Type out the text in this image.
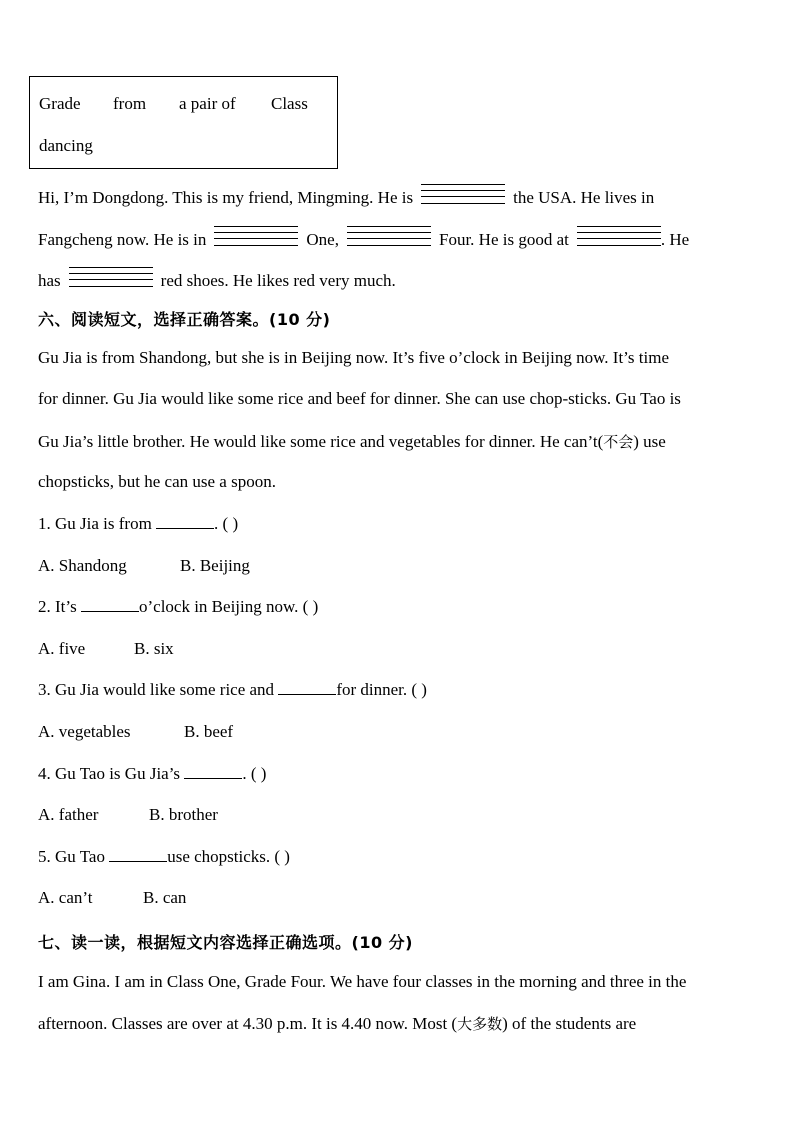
Grade from a pair of Class
dancing
Hi, I’m Dongdong. This is my friend, Mingming. He is	the USA. He lives in
Fangcheng now. He is in	One,	Four. He is good at	. He
has	red shoes. He likes red very much.
六、阅读短文，选择正确答案。(10 分)
Gu Jia is from Shandong, but she is in Beijing now. It’s five o’clock in Beijing now. It’s time
for dinner. Gu Jia would like some rice and beef for dinner. She can use chop-sticks. Gu Tao is
Gu Jia’s little brother. He would like some rice and vegetables for dinner. He can’t(不会) use
chopsticks, but he can use a spoon.
1. Gu Jia is from	. ( )
A. Shandong	B. Beijing
2. It’s	o’clock in Beijing now. ( )
A. five	B. six
3. Gu Jia would like some rice and	for dinner. ( )
A. vegetables	B. beef
4. Gu Tao is Gu Jia’s	. ( )
A. father	B. brother
5. Gu Tao	use chopsticks. ( )
A. can’t	B. can
七、读一读，根据短文内容选择正确选项。(10 分)
I am Gina. I am in Class One, Grade Four. We have four classes in the morning and three in the
afternoon. Classes are over at 4.30 p.m. It is 4.40 now. Most (大多数) of the students are
